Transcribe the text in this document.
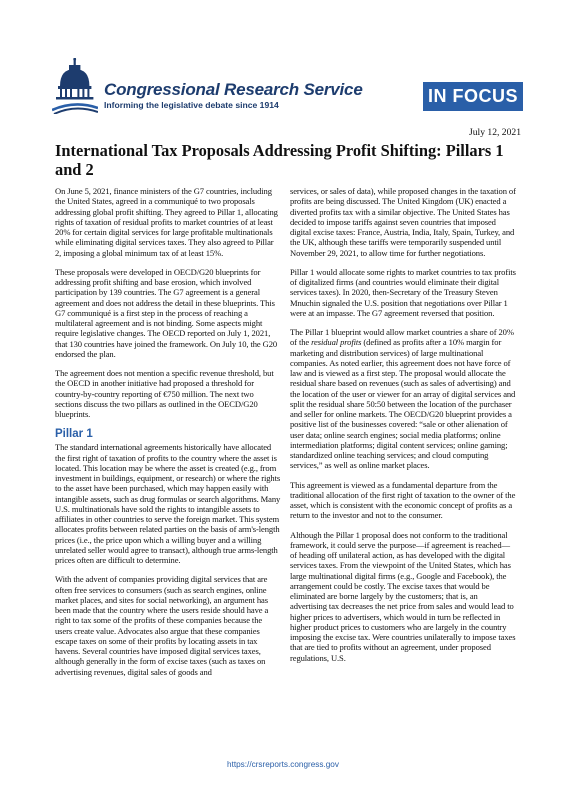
Congressional Research Service
Informing the legislative debate since 1914	IN FOCUS
July 12, 2021
International Tax Proposals Addressing Profit Shifting: Pillars 1 and 2

On June 5, 2021, finance ministers of the G7 countries, including the United States, agreed in a communiqué to two proposals addressing global profit shifting. They agreed to Pillar 1, allocating rights of taxation of residual profits to market countries of at least 20% for certain digital services for large profitable multinationals while eliminating digital services taxes. They also agreed to Pillar 2, imposing a global minimum tax of at least 15%.

These proposals were developed in OECD/G20 blueprints for addressing profit shifting and base erosion, which involved participation by 139 countries. The G7 agreement is a general agreement and does not address the detail in these blueprints. This G7 communiqué is a first step in the process of reaching a multilateral agreement and is not binding. Some aspects might require legislative changes. The OECD reported on July 1, 2021, that 130 countries have joined the framework. On July 10, the G20 endorsed the plan.

The agreement does not mention a specific revenue threshold, but the OECD in another initiative had proposed a threshold for country-by-country reporting of €750 million. The next two sections discuss the two pillars as outlined in the OECD/G20 blueprints.

Pillar 1

The standard international agreements historically have allocated the first right of taxation of profits to the country where the asset is located. This location may be where the asset is created (e.g., from investment in buildings, equipment, or research) or where the rights to the asset have been purchased, which may happen easily with intangible assets, such as drug formulas or search algorithms. Many U.S. multinationals have sold the rights to intangible assets to affiliates in other countries to serve the foreign market. This system allocates profits between related parties on the basis of arm's-length prices (i.e., the price upon which a willing buyer and a willing unrelated seller would agree to transact), although true arms-length prices often are difficult to determine.

With the advent of companies providing digital services that are often free services to consumers (such as search engines, online market places, and sites for social networking), an argument has been made that the country where the users reside should have a right to tax some of the profits of these companies because the users create value. Advocates also argue that these companies escape taxes on some of their profits by locating assets in tax havens. Several countries have imposed digital services taxes, although generally in the form of excise taxes (such as taxes on advertising revenues, digital sales of goods and

services, or sales of data), while proposed changes in the taxation of profits are being discussed. The United Kingdom (UK) enacted a diverted profits tax with a similar objective. The United States has decided to impose tariffs against seven countries that imposed digital excise taxes: France, Austria, India, Italy, Spain, Turkey, and the UK, although these tariffs were temporarily suspended until November 29, 2021, to allow time for further negotiations.

Pillar 1 would allocate some rights to market countries to tax profits of digitalized firms (and countries would eliminate their digital services taxes). In 2020, then-Secretary of the Treasury Steven Mnuchin signaled the U.S. position that negotiations over Pillar 1 were at an impasse. The G7 agreement reversed that position.

The Pillar 1 blueprint would allow market countries a share of 20% of the residual profits (defined as profits after a 10% margin for marketing and distribution services) of large multinational companies. As noted earlier, this agreement does not have force of law and is viewed as a first step. The proposal would allocate the residual share based on revenues (such as sales of advertising) and the location of the user or viewer for an array of digital services and split the residual share 50:50 between the location of the purchaser and seller for online markets. The OECD/G20 blueprint provides a positive list of the businesses covered: “sale or other alienation of user data; online search engines; social media platforms; online intermediation platforms; digital content services; online gaming; standardized online teaching services; and cloud computing services,” as well as online market places.

This agreement is viewed as a fundamental departure from the traditional allocation of the first right of taxation to the owner of the asset, which is consistent with the economic concept of profits as a return to the investor and not to the consumer.

Although the Pillar 1 proposal does not conform to the traditional framework, it could serve the purpose—if agreement is reached—of heading off unilateral action, as has developed with the digital services taxes. From the viewpoint of the United States, which has large multinational digital firms (e.g., Google and Facebook), the arrangement could be costly. The excise taxes that would be eliminated are borne largely by the customers; that is, an advertising tax decreases the net price from sales and would lead to higher prices to advertisers, which would in turn be reflected in higher product prices to customers who are largely in the country imposing the excise tax. Were countries unilaterally to impose taxes that are tied to profits without an agreement, under proposed regulations, U.S.

https://crsreports.congress.gov
